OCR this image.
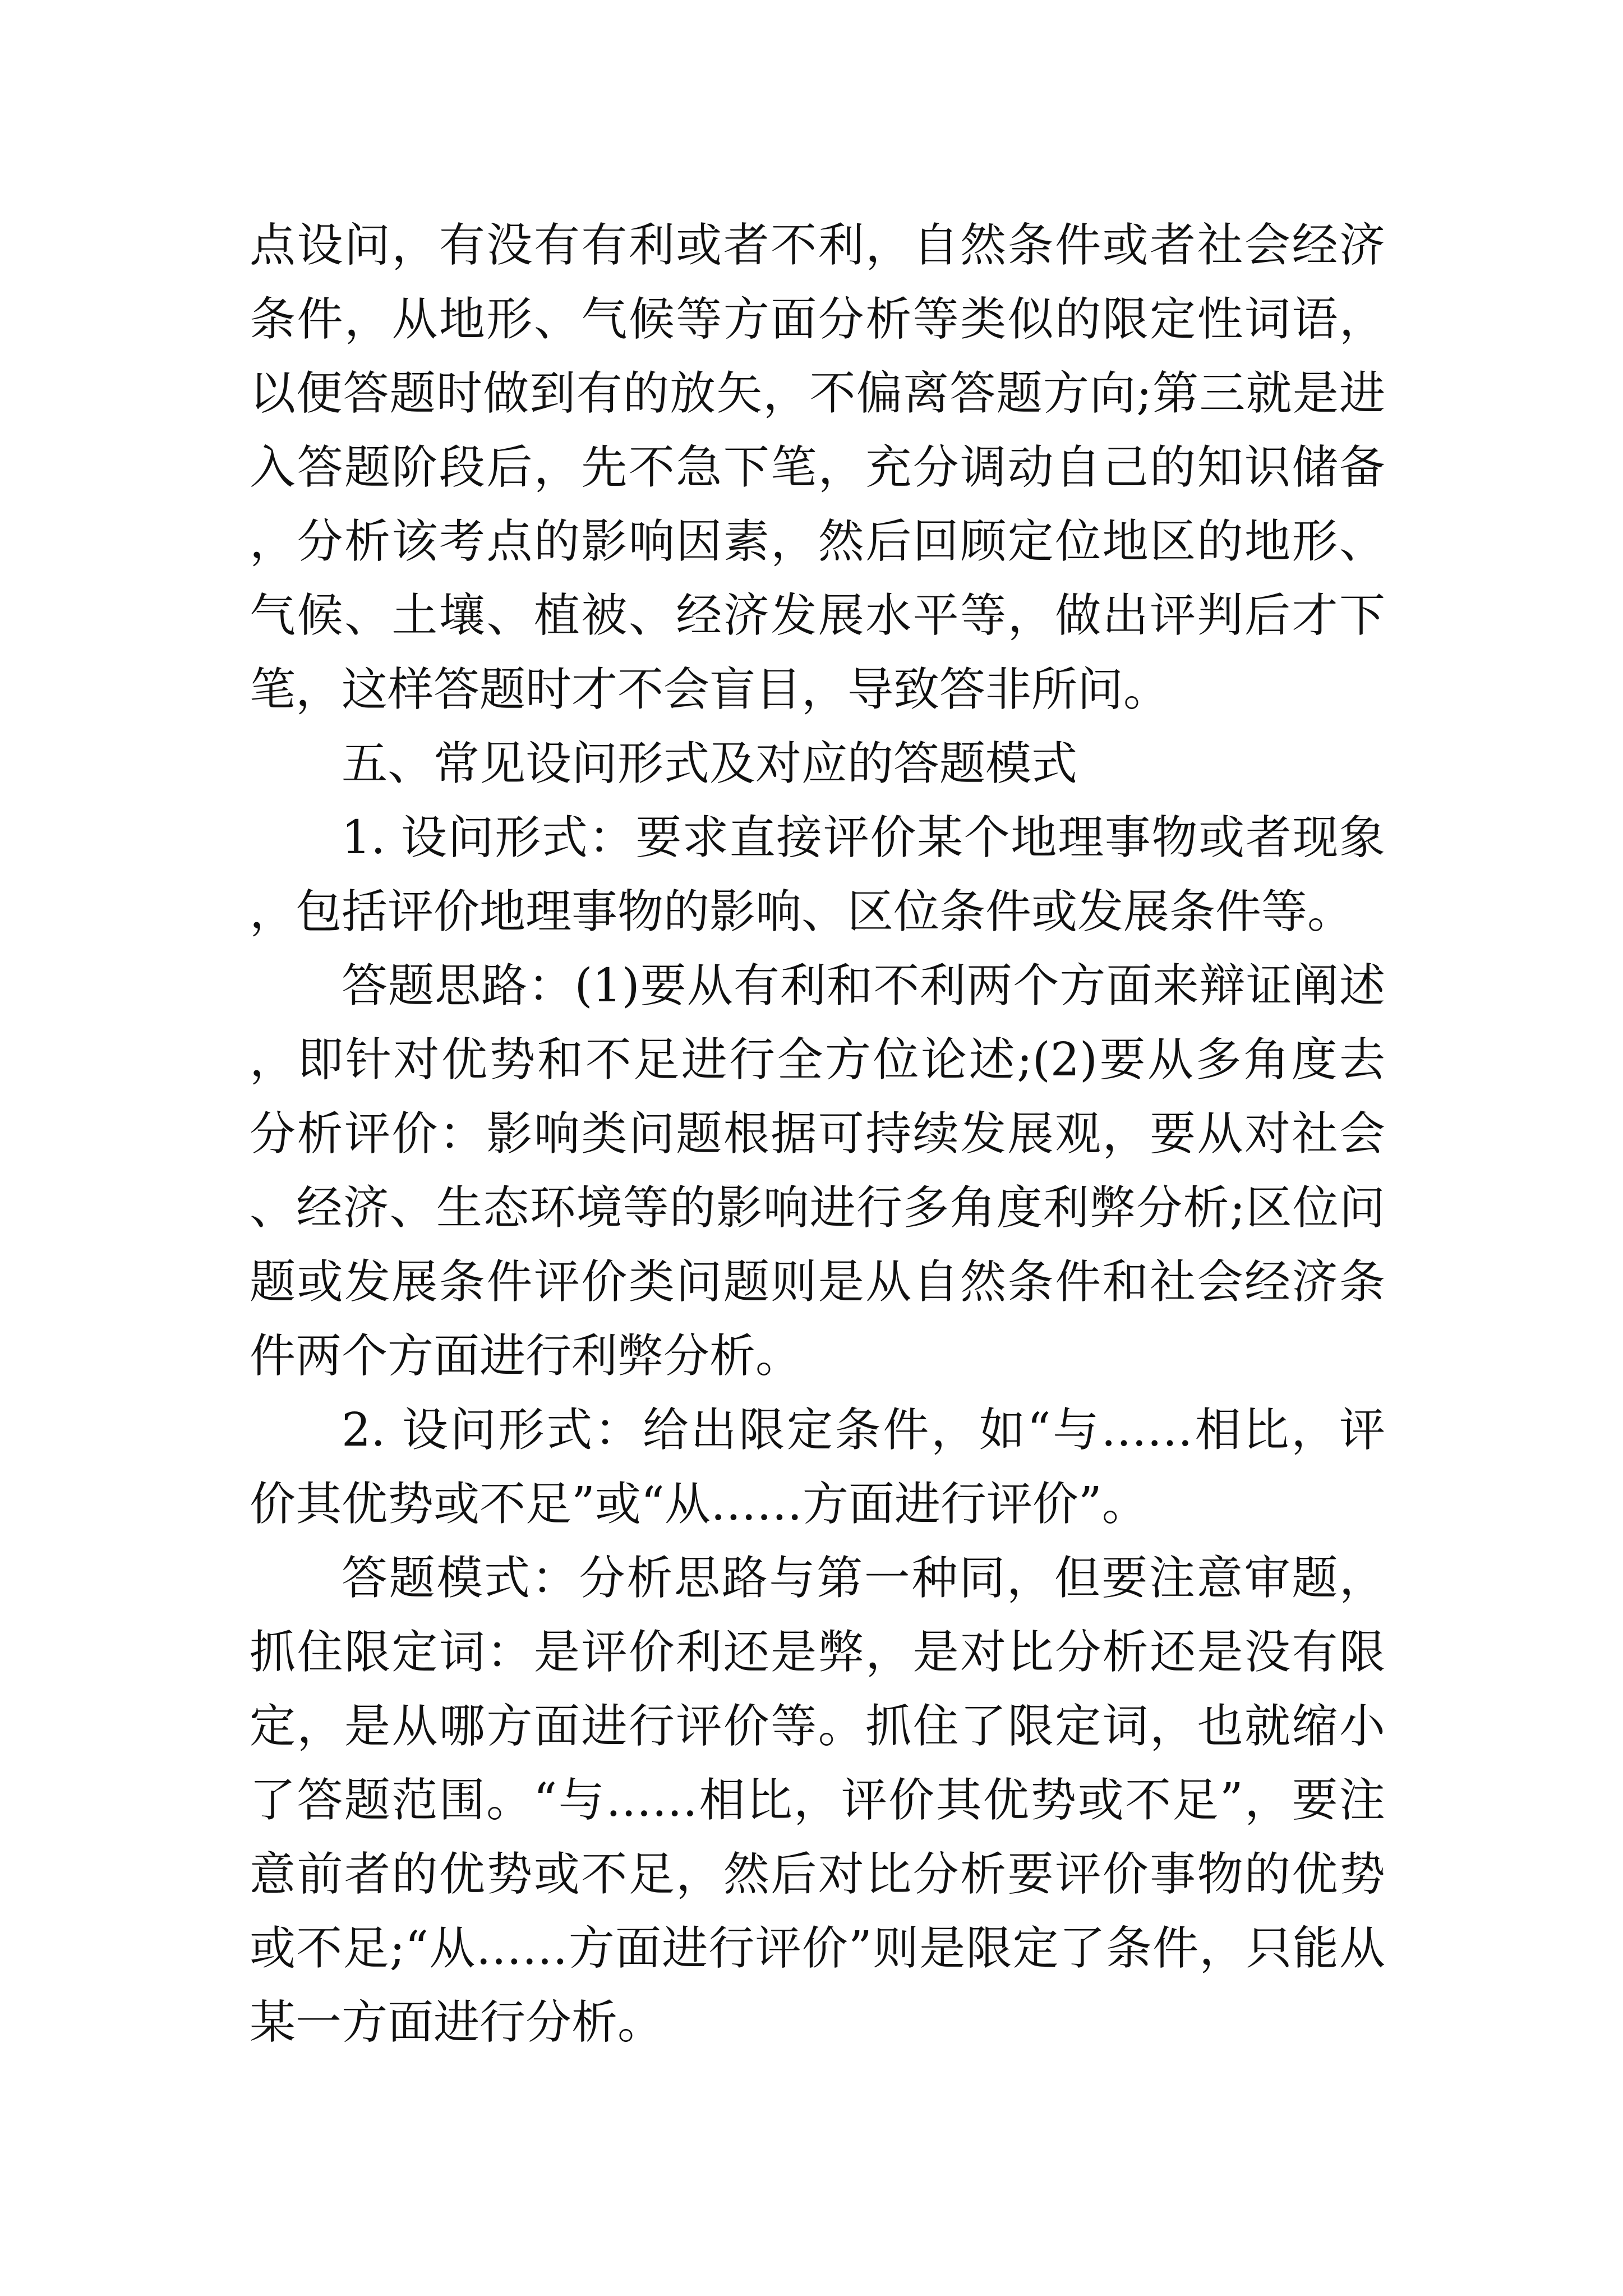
点设问，有没有有利或者不利，自然条件或者社会经济条件，从地形、气候等方面分析等类似的限定性词语，以便答题时做到有的放矢，不偏离答题方向;第三就是进入答题阶段后，先不急下笔，充分调动自己的知识储备，分析该考点的影响因素，然后回顾定位地区的地形、气候、土壤、植被、经济发展水平等，做出评判后才下笔，这样答题时才不会盲目，导致答非所问。

五、常见设问形式及对应的答题模式

1. 设问形式：要求直接评价某个地理事物或者现象，包括评价地理事物的影响、区位条件或发展条件等。

答题思路：(1)要从有利和不利两个方面来辩证阐述，即针对优势和不足进行全方位论述;(2)要从多角度去分析评价：影响类问题根据可持续发展观，要从对社会、经济、生态环境等的影响进行多角度利弊分析;区位问题或发展条件评价类问题则是从自然条件和社会经济条件两个方面进行利弊分析。

2. 设问形式：给出限定条件，如“与……相比，评价其优势或不足”或“从……方面进行评价”。

答题模式：分析思路与第一种同，但要注意审题，抓住限定词：是评价利还是弊，是对比分析还是没有限定，是从哪方面进行评价等。抓住了限定词，也就缩小了答题范围。“与……相比，评价其优势或不足”，要注意前者的优势或不足，然后对比分析要评价事物的优势或不足;“从……方面进行评价”则是限定了条件，只能从某一方面进行分析。
